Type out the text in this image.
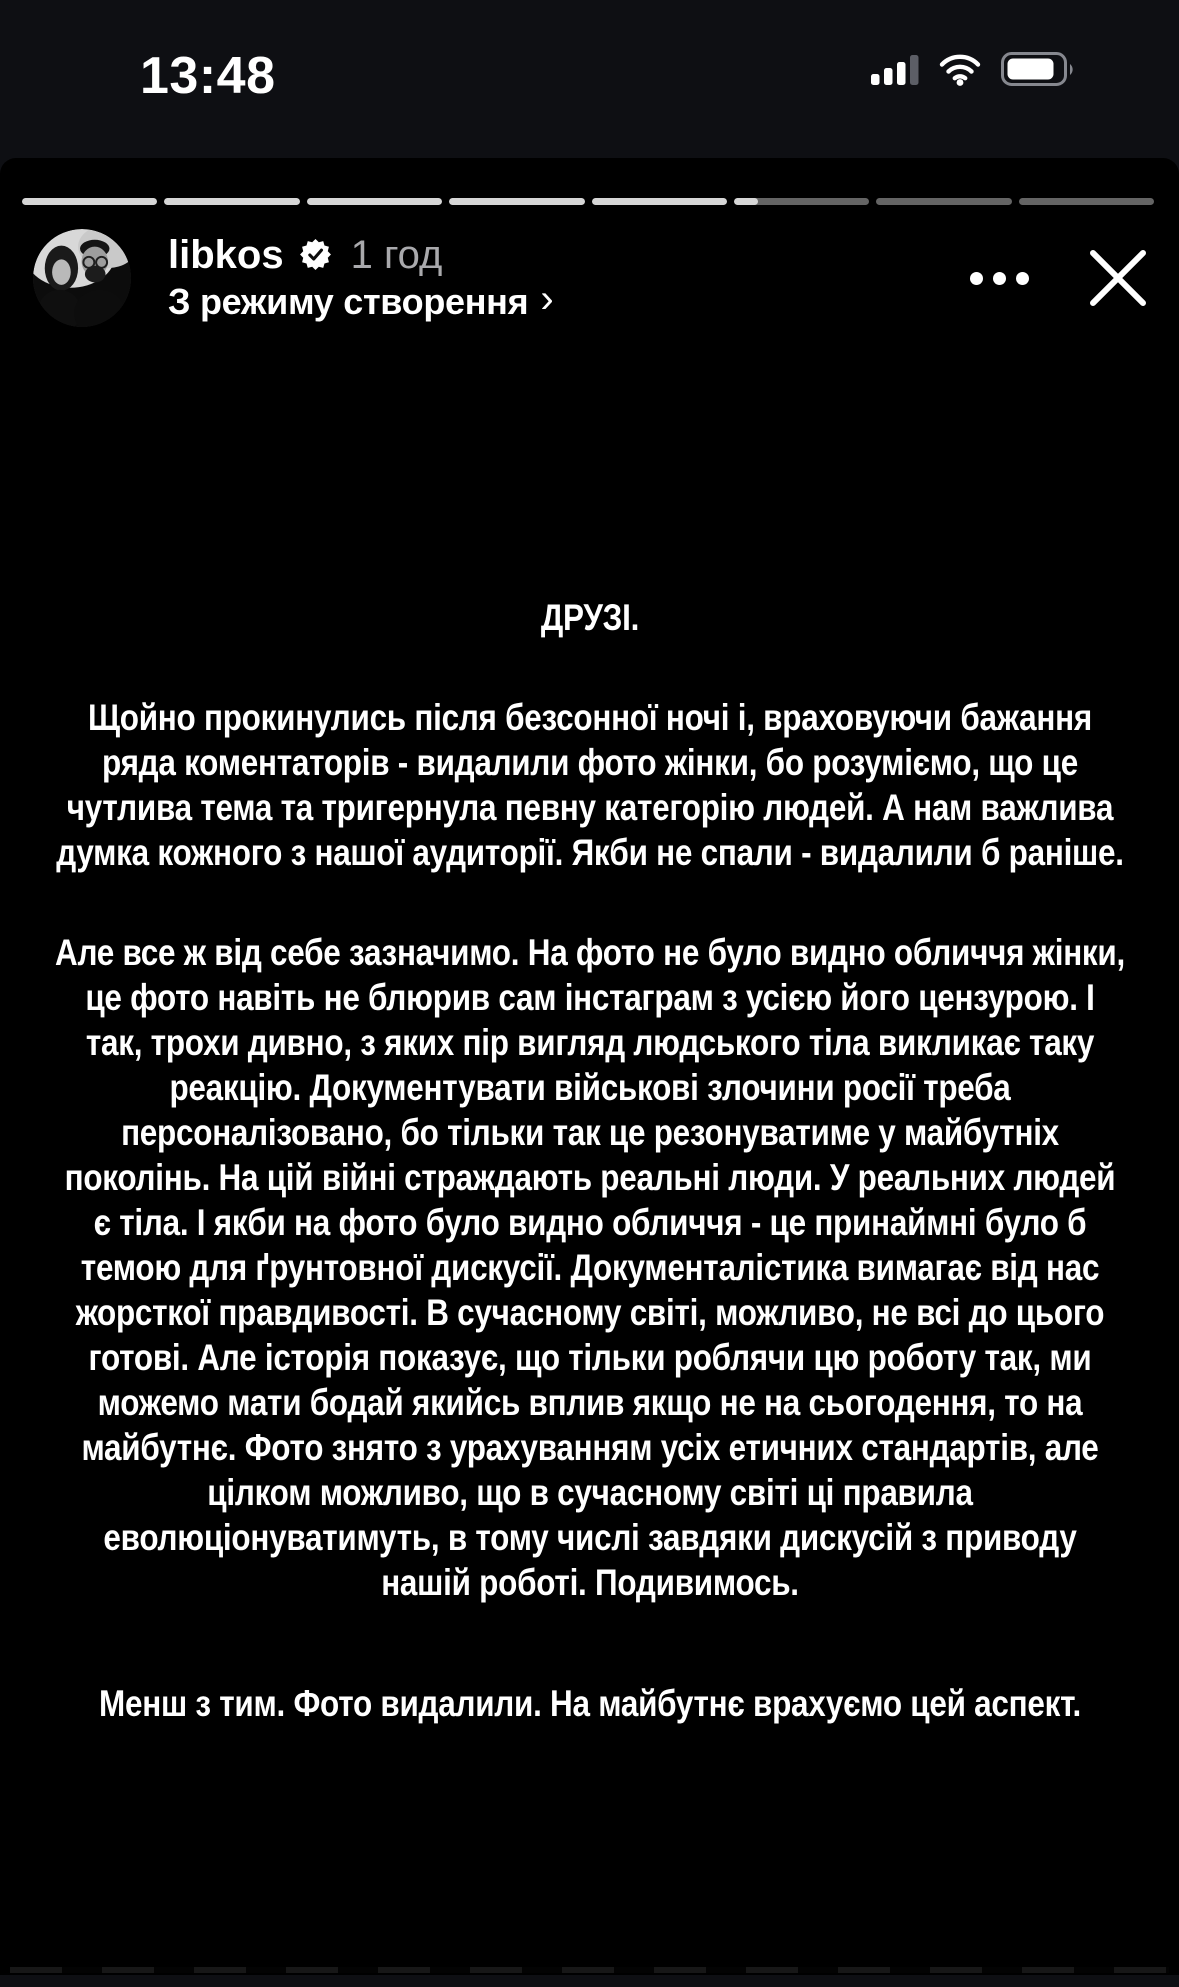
13:48
libkos 1 год
З режиму створення ›

ДРУЗІ.

Щойно прокинулись після безсонної ночі і, враховуючи бажання ряда коментаторів - видалили фото жінки, бо розуміємо, що це чутлива тема та тригернула певну категорію людей. А нам важлива думка кожного з нашої аудиторії. Якби не спали - видалили б раніше.

Але все ж від себе зазначимо. На фото не було видно обличчя жінки, це фото навіть не блюрив сам інстаграм з усією його цензурою. І так, трохи дивно, з яких пір вигляд людського тіла викликає таку реакцію. Документувати військові злочини росії треба персоналізовано, бо тільки так це резонуватиме у майбутніх поколінь. На цій війні страждають реальні люди. У реальних людей є тіла. І якби на фото було видно обличчя - це принаймні було б темою для ґрунтовної дискусії. Документалістика вимагає від нас жорсткої правдивості. В сучасному світі, можливо, не всі до цього готові. Але історія показує, що тільки роблячи цю роботу так, ми можемо мати бодай якийсь вплив якщо не на сьогодення, то на майбутнє. Фото знято з урахуванням усіх етичних стандартів, але цілком можливо, що в сучасному світі ці правила еволюціонуватимуть, в тому числі завдяки дискусій з приводу нашій роботі. Подивимось.

Менш з тим. Фото видалили. На майбутнє врахуємо цей аспект.
